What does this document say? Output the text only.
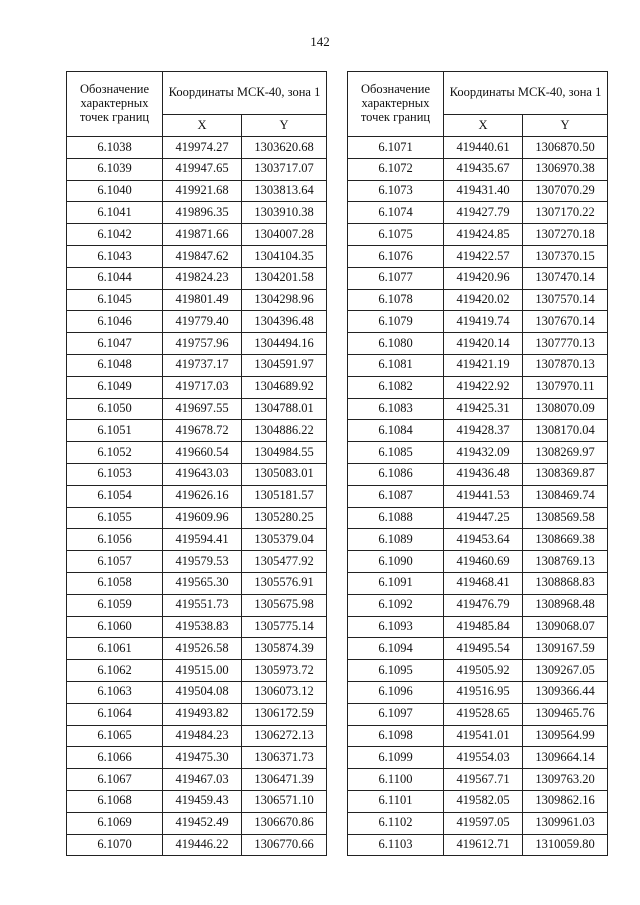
142
Обозначение характерных точек границ	Координаты МСК-40, зона 1	
	X	Y
6.1038	419974.27	1303620.68
6.1039	419947.65	1303717.07
6.1040	419921.68	1303813.64
6.1041	419896.35	1303910.38
6.1042	419871.66	1304007.28
6.1043	419847.62	1304104.35
6.1044	419824.23	1304201.58
6.1045	419801.49	1304298.96
6.1046	419779.40	1304396.48
6.1047	419757.96	1304494.16
6.1048	419737.17	1304591.97
6.1049	419717.03	1304689.92
6.1050	419697.55	1304788.01
6.1051	419678.72	1304886.22
6.1052	419660.54	1304984.55
6.1053	419643.03	1305083.01
6.1054	419626.16	1305181.57
6.1055	419609.96	1305280.25
6.1056	419594.41	1305379.04
6.1057	419579.53	1305477.92
6.1058	419565.30	1305576.91
6.1059	419551.73	1305675.98
6.1060	419538.83	1305775.14
6.1061	419526.58	1305874.39
6.1062	419515.00	1305973.72
6.1063	419504.08	1306073.12
6.1064	419493.82	1306172.59
6.1065	419484.23	1306272.13
6.1066	419475.30	1306371.73
6.1067	419467.03	1306471.39
6.1068	419459.43	1306571.10
6.1069	419452.49	1306670.86
6.1070	419446.22	1306770.66
Обозначение характерных точек границ	Координаты МСК-40, зона 1	
	X	Y
6.1071	419440.61	1306870.50
6.1072	419435.67	1306970.38
6.1073	419431.40	1307070.29
6.1074	419427.79	1307170.22
6.1075	419424.85	1307270.18
6.1076	419422.57	1307370.15
6.1077	419420.96	1307470.14
6.1078	419420.02	1307570.14
6.1079	419419.74	1307670.14
6.1080	419420.14	1307770.13
6.1081	419421.19	1307870.13
6.1082	419422.92	1307970.11
6.1083	419425.31	1308070.09
6.1084	419428.37	1308170.04
6.1085	419432.09	1308269.97
6.1086	419436.48	1308369.87
6.1087	419441.53	1308469.74
6.1088	419447.25	1308569.58
6.1089	419453.64	1308669.38
6.1090	419460.69	1308769.13
6.1091	419468.41	1308868.83
6.1092	419476.79	1308968.48
6.1093	419485.84	1309068.07
6.1094	419495.54	1309167.59
6.1095	419505.92	1309267.05
6.1096	419516.95	1309366.44
6.1097	419528.65	1309465.76
6.1098	419541.01	1309564.99
6.1099	419554.03	1309664.14
6.1100	419567.71	1309763.20
6.1101	419582.05	1309862.16
6.1102	419597.05	1309961.03
6.1103	419612.71	1310059.80
